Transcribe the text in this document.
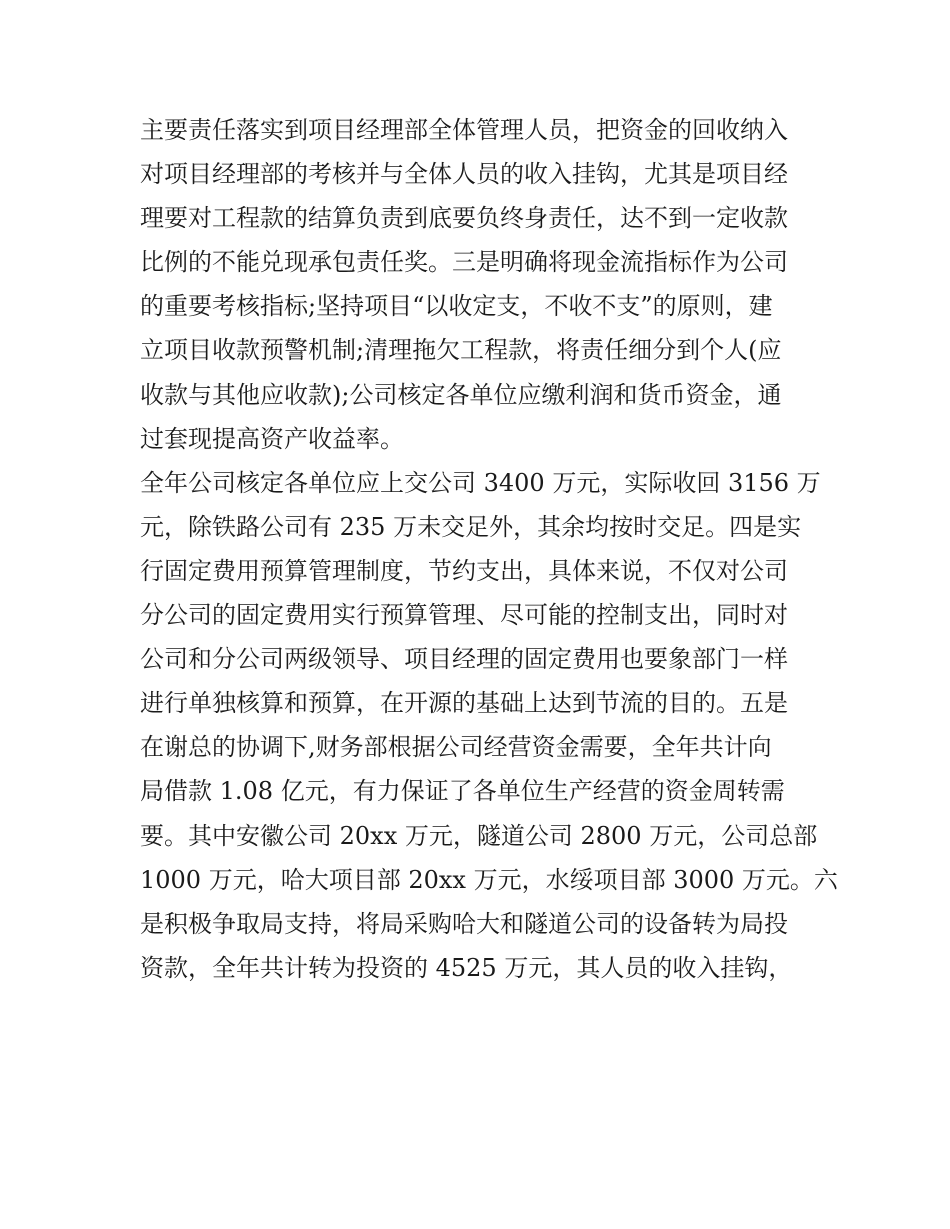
主要责任落实到项目经理部全体管理人员，把资金的回收纳入
对项目经理部的考核并与全体人员的收入挂钩，尤其是项目经
理要对工程款的结算负责到底要负终身责任，达不到一定收款
比例的不能兑现承包责任奖。三是明确将现金流指标作为公司
的重要考核指标;坚持项目“以收定支，不收不支”的原则，建
立项目收款预警机制;清理拖欠工程款，将责任细分到个人(应
收款与其他应收款);公司核定各单位应缴利润和货币资金，通
过套现提高资产收益率。
全年公司核定各单位应上交公司 3400 万元，实际收回 3156 万
元，除铁路公司有 235 万未交足外，其余均按时交足。四是实
行固定费用预算管理制度，节约支出，具体来说，不仅对公司
分公司的固定费用实行预算管理、尽可能的控制支出，同时对
公司和分公司两级领导、项目经理的固定费用也要象部门一样
进行单独核算和预算，在开源的基础上达到节流的目的。五是
在谢总的协调下,财务部根据公司经营资金需要，全年共计向
局借款 1.08 亿元，有力保证了各单位生产经营的资金周转需
要。其中安徽公司 20xx 万元，隧道公司 2800 万元，公司总部
1000 万元，哈大项目部 20xx 万元，水绥项目部 3000 万元。六
是积极争取局支持，将局采购哈大和隧道公司的设备转为局投
资款，全年共计转为投资的 4525 万元，其人员的收入挂钩，
